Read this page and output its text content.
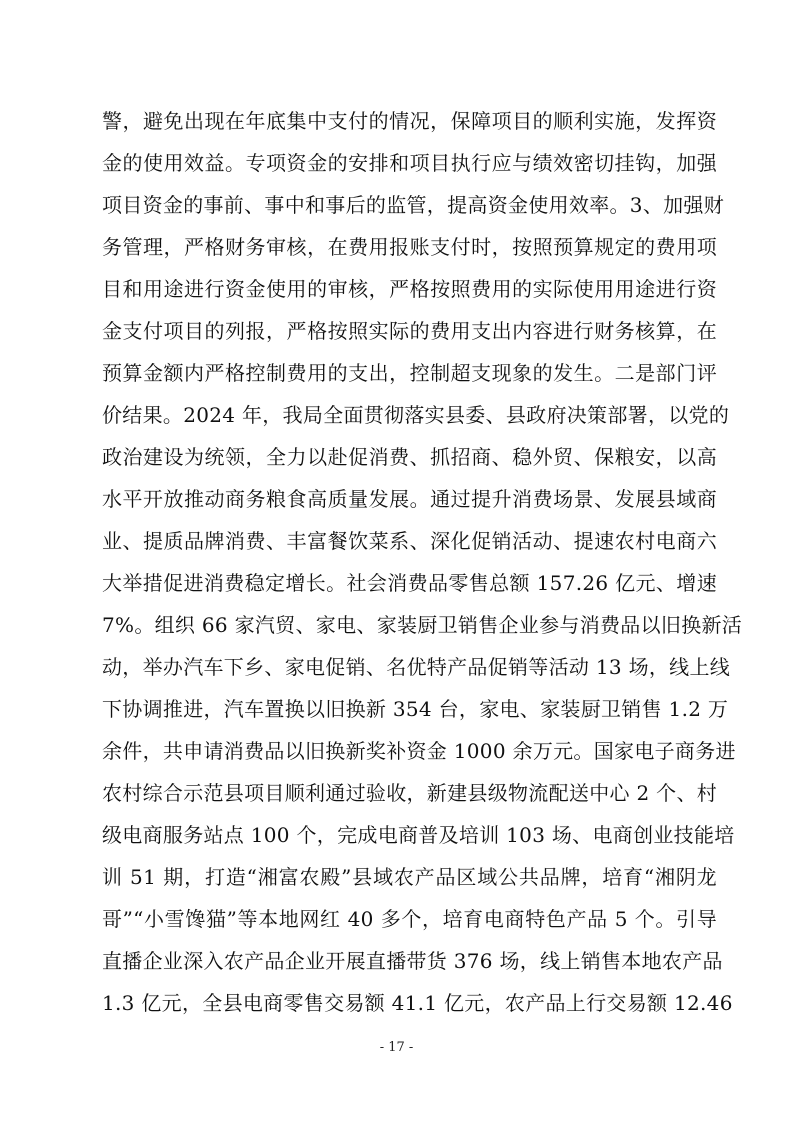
警，避免出现在年底集中支付的情况，保障项目的顺利实施，发挥资
金的使用效益。专项资金的安排和项目执行应与绩效密切挂钩，加强
项目资金的事前、事中和事后的监管，提高资金使用效率。3、加强财
务管理，严格财务审核，在费用报账支付时，按照预算规定的费用项
目和用途进行资金使用的审核，严格按照费用的实际使用用途进行资
金支付项目的列报，严格按照实际的费用支出内容进行财务核算，在
预算金额内严格控制费用的支出，控制超支现象的发生。二是部门评
价结果。2024 年，我局全面贯彻落实县委、县政府决策部署，以党的
政治建设为统领，全力以赴促消费、抓招商、稳外贸、保粮安，以高
水平开放推动商务粮食高质量发展。通过提升消费场景、发展县域商
业、提质品牌消费、丰富餐饮菜系、深化促销活动、提速农村电商六
大举措促进消费稳定增长。社会消费品零售总额 157.26 亿元、增速
7%。组织 66 家汽贸、家电、家装厨卫销售企业参与消费品以旧换新活
动，举办汽车下乡、家电促销、名优特产品促销等活动 13 场，线上线
下协调推进，汽车置换以旧换新 354 台，家电、家装厨卫销售 1.2 万
余件，共申请消费品以旧换新奖补资金 1000 余万元。国家电子商务进
农村综合示范县项目顺利通过验收，新建县级物流配送中心 2 个、村
级电商服务站点 100 个，完成电商普及培训 103 场、电商创业技能培
训 51 期，打造“湘富农殿”县域农产品区域公共品牌，培育“湘阴龙
哥”“小雪馋猫”等本地网红 40 多个，培育电商特色产品 5 个。引导
直播企业深入农产品企业开展直播带货 376 场，线上销售本地农产品
1.3 亿元，全县电商零售交易额 41.1 亿元，农产品上行交易额 12.46
- 17 -
